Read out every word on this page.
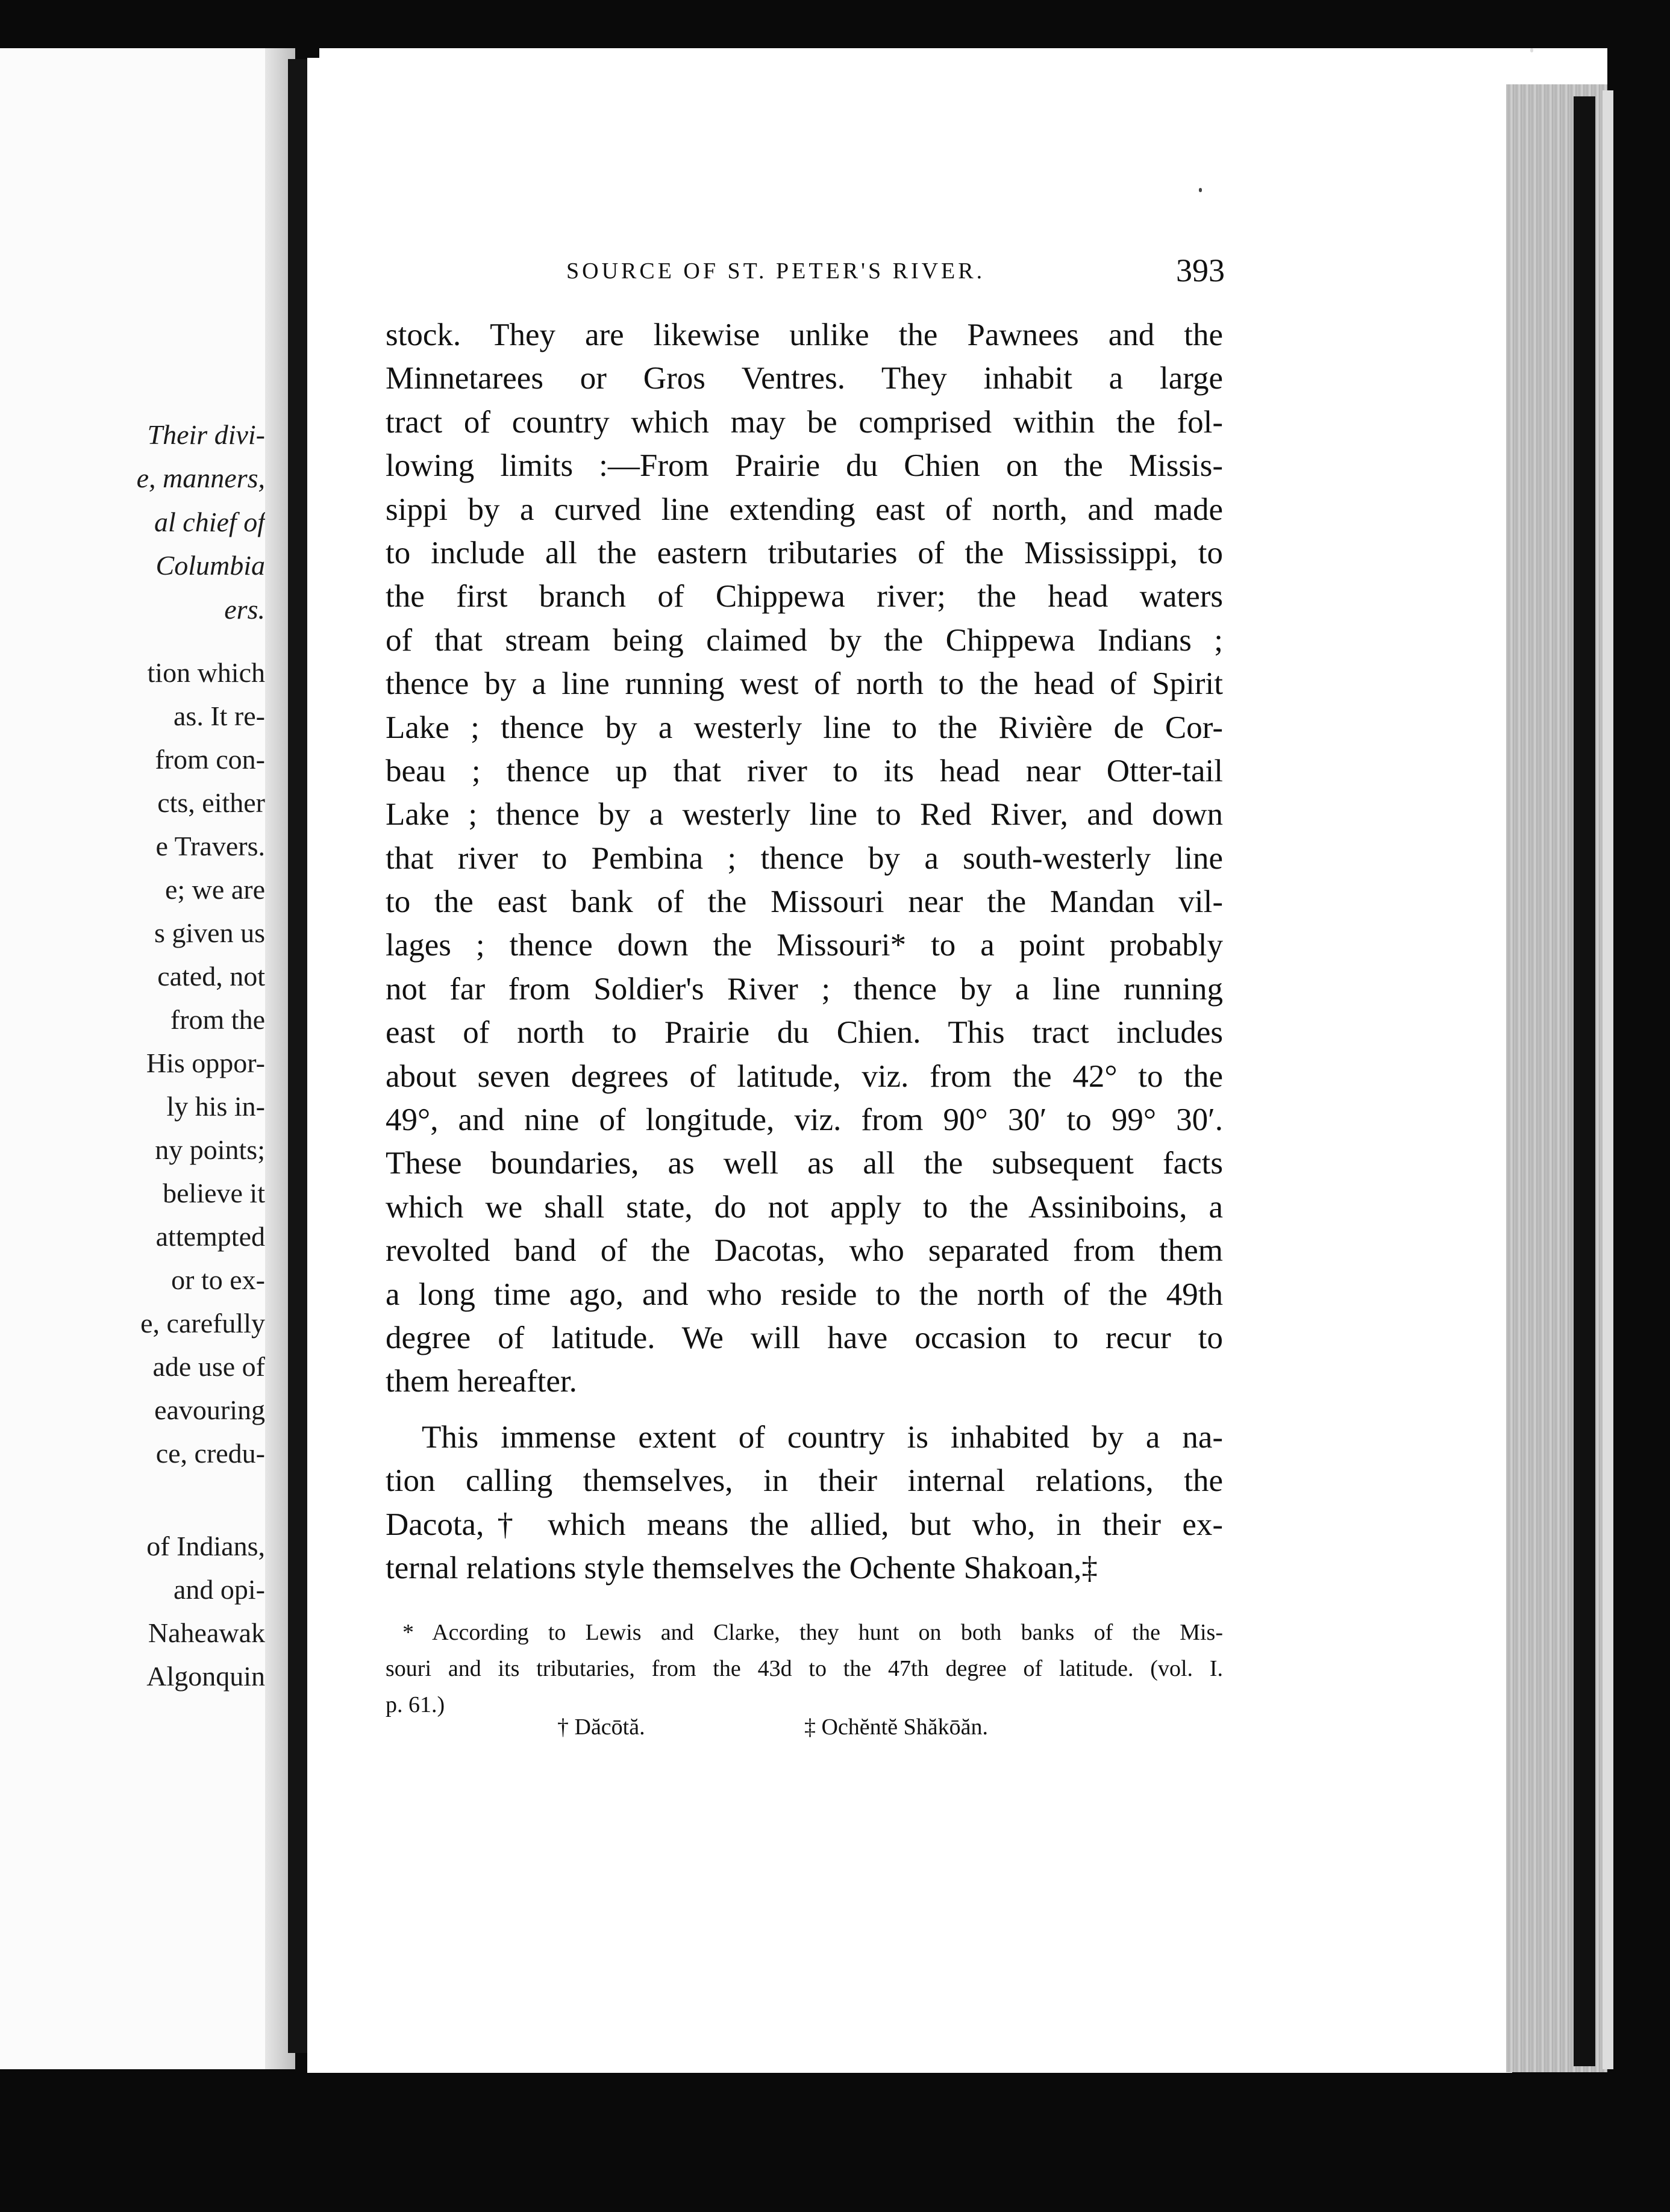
Their divi-
e, manners,
al chief of
Columbia
ers.
tion which
as. It re-
from con-
cts, either
e Travers.
e; we are
s given us
cated, not
from the
His oppor-
ly his in-
ny points;
believe it
attempted
or to ex-
e, carefully
ade use of
eavouring
ce, credu-
of Indians,
and opi-
Naheawak
Algonquin
SOURCE OF ST. PETER'S RIVER.	393
stock. They are likewise unlike the Pawnees and the
Minnetarees or Gros Ventres. They inhabit a large
tract of country which may be comprised within the fol-
lowing limits :—From Prairie du Chien on the Missis-
sippi by a curved line extending east of north, and made
to include all the eastern tributaries of the Mississippi, to
the first branch of Chippewa river; the head waters
of that stream being claimed by the Chippewa Indians ;
thence by a line running west of north to the head of Spirit
Lake ; thence by a westerly line to the Rivière de Cor-
beau ; thence up that river to its head near Otter-tail
Lake ; thence by a westerly line to Red River, and down
that river to Pembina ; thence by a south-westerly line
to the east bank of the Missouri near the Mandan vil-
lages ; thence down the Missouri* to a point probably
not far from Soldier's River ; thence by a line running
east of north to Prairie du Chien. This tract includes
about seven degrees of latitude, viz. from the 42° to the
49°, and nine of longitude, viz. from 90° 30′ to 99° 30′.
These boundaries, as well as all the subsequent facts
which we shall state, do not apply to the Assiniboins, a
revolted band of the Dacotas, who separated from them
a long time ago, and who reside to the north of the 49th
degree of latitude. We will have occasion to recur to
them hereafter.
This immense extent of country is inhabited by a na-
tion calling themselves, in their internal relations, the
Dacota,† which means the allied, but who, in their ex-
ternal relations style themselves the Ochente Shakoan,‡
* According to Lewis and Clarke, they hunt on both banks of the Mis-
souri and its tributaries, from the 43d to the 47th degree of latitude. (vol. I.
p. 61.)
† Dăcōtă.	‡ Ochĕntĕ Shăkōăn.
